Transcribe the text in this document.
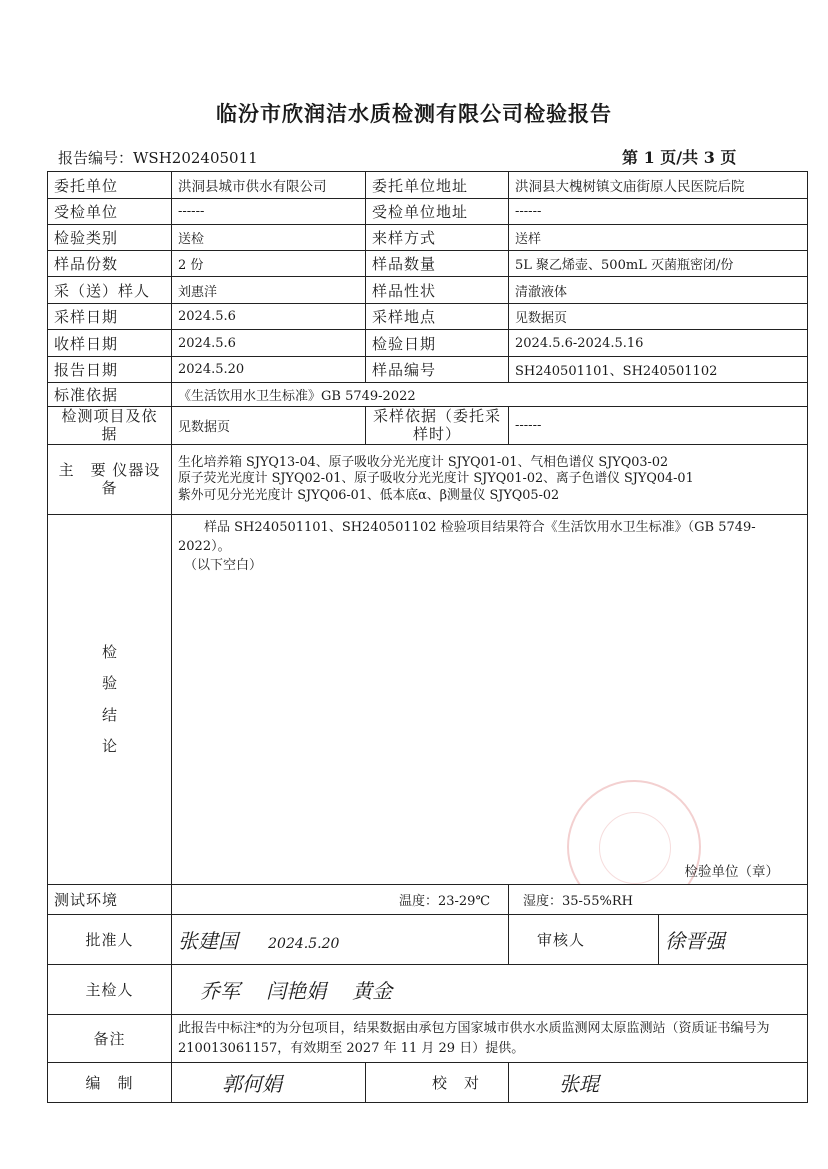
临汾市欣润洁水质检测有限公司检验报告
报告编号：WSH202405011	第 1 页/共 3 页
委托单位	洪洞县城市供水有限公司	委托单位地址	洪洞县大槐树镇文庙街原人民医院后院	
受检单位	------	受检单位地址	------	
检验类别	送检	来样方式	送样	
样品份数	2 份	样品数量	5L 聚乙烯壶、500mL 灭菌瓶密闭/份	
采（送）样人	刘惠洋	样品性状	清澈液体	
采样日期	2024.5.6	采样地点	见数据页	
收样日期	2024.5.6	检验日期	2024.5.6-2024.5.16	
报告日期	2024.5.20	样品编号	SH240501101、SH240501102	
标准依据	《生活饮用水卫生标准》GB 5749-2022			
检测项目及依据	见数据页	采样依据（委托采样时）	------	
主　要 仪器设备	生化培养箱 SJYQ13-04、原子吸收分光光度计 SJYQ01-01、气相色谱仪 SJYQ03-02
原子荧光光度计 SJYQ02-01、原子吸收分光光度计 SJYQ01-02、离子色谱仪 SJYQ04-01
紫外可见分光光度计 SJYQ06-01、低本底α、β测量仪 SJYQ05-02			

检验结论	样品 SH240501101、SH240501102 检验项目结果符合《生活饮用水卫生标准》（GB 5749-2022）。
（以下空白）
检验单位（章）			

测试环境	温度：23-29℃		湿度：35-55%RH	
批准人	张建国 2024.5.20		审核人	徐晋强
主检人	乔军 闫艳娟 黄金			
备注	此报告中标注*的为分包项目，结果数据由承包方国家城市供水水质监测网太原监测站（资质证书编号为 210013061157，有效期至 2027 年 11 月 29 日）提供。			
编　制	郭何娟	校　对	张琨	
